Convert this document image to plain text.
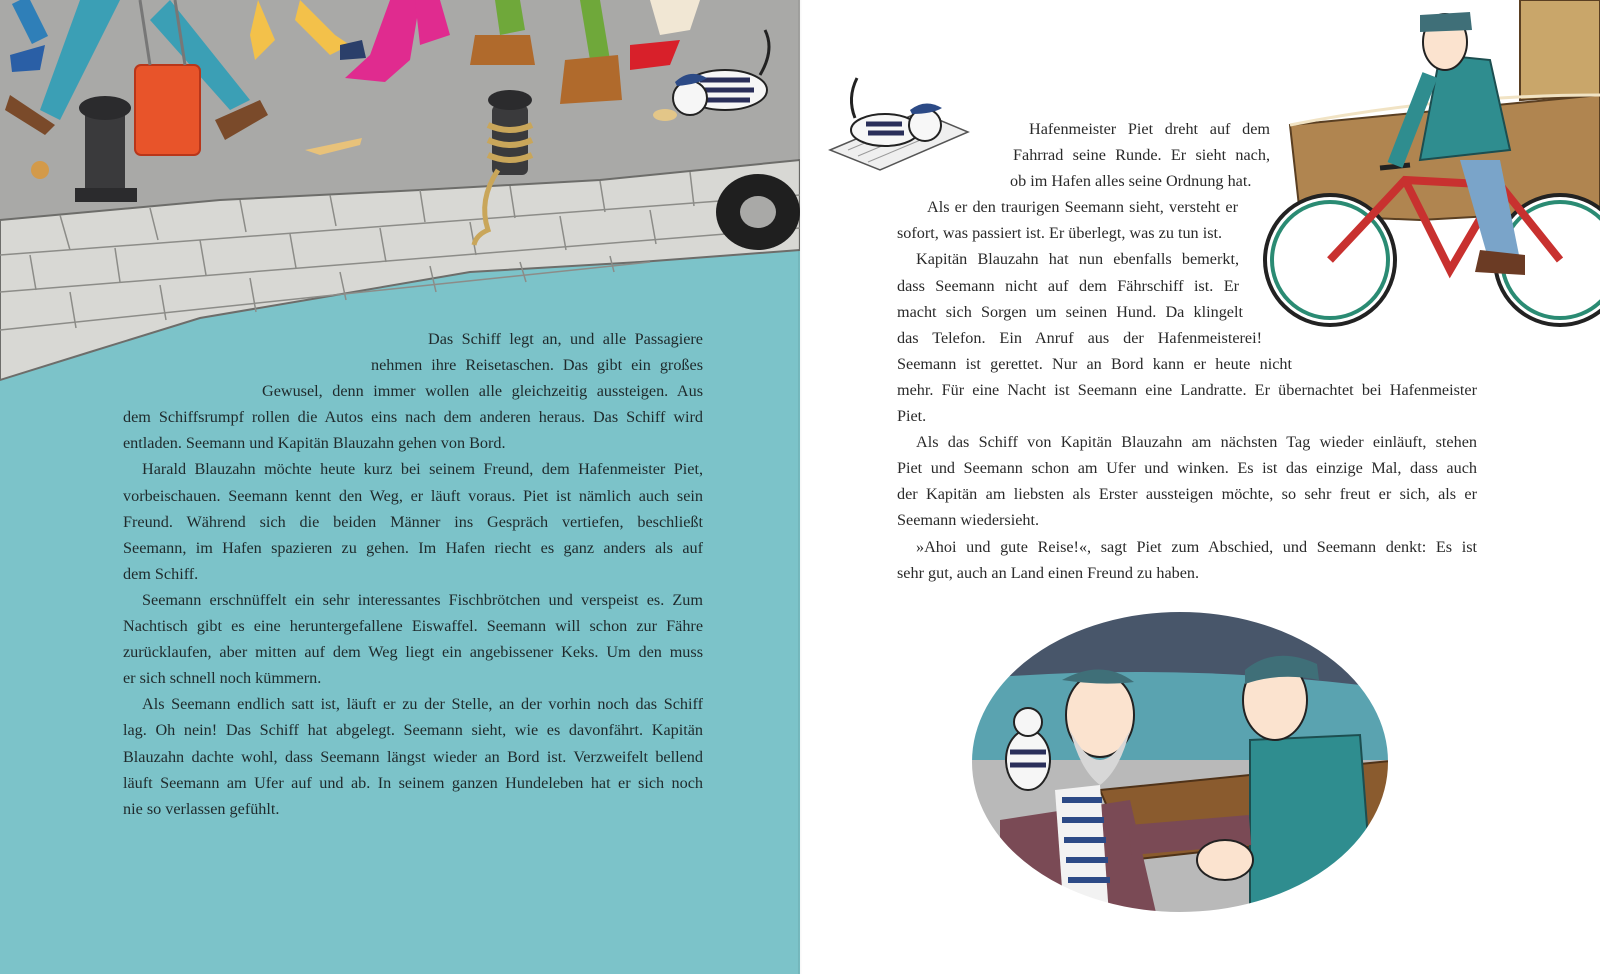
Das Schiff legt an, und alle Passagiere
nehmen ihre Reisetaschen. Das gibt ein großes
Gewusel, denn immer wollen alle gleichzeitig aussteigen. Aus
dem Schiffsrumpf rollen die Autos eins nach dem anderen heraus. Das Schiff wird
entladen. Seemann und Kapitän Blauzahn gehen von Bord.

Harald Blauzahn möchte heute kurz bei seinem Freund, dem Hafenmeister Piet,
vorbeischauen. Seemann kennt den Weg, er läuft voraus. Piet ist nämlich auch sein
Freund. Während sich die beiden Männer ins Gespräch vertiefen, beschließt
Seemann, im Hafen spazieren zu gehen. Im Hafen riecht es ganz anders als auf
dem Schiff.

Seemann erschnüffelt ein sehr interessantes Fischbrötchen und verspeist es. Zum
Nachtisch gibt es eine heruntergefallene Eiswaffel. Seemann will schon zur Fähre
zurücklaufen, aber mitten auf dem Weg liegt ein angebissener Keks. Um den muss
er sich schnell noch kümmern.

Als Seemann endlich satt ist, läuft er zu der Stelle, an der vorhin noch das Schiff
lag. Oh nein! Das Schiff hat abgelegt. Seemann sieht, wie es davonfährt. Kapitän
Blauzahn dachte wohl, dass Seemann längst wieder an Bord ist. Verzweifelt bellend
läuft Seemann am Ufer auf und ab. In seinem ganzen Hundeleben hat er sich noch
nie so verlassen gefühlt.

Hafenmeister Piet dreht auf dem
Fahrrad seine Runde. Er sieht nach,
ob im Hafen alles seine Ordnung hat.

Als er den traurigen Seemann sieht, versteht er
sofort, was passiert ist. Er überlegt, was zu tun ist.

Kapitän Blauzahn hat nun ebenfalls bemerkt,
dass Seemann nicht auf dem Fährschiff ist. Er
macht sich Sorgen um seinen Hund. Da klingelt
das Telefon. Ein Anruf aus der Hafenmeisterei!
Seemann ist gerettet. Nur an Bord kann er heute nicht
mehr. Für eine Nacht ist Seemann eine Landratte. Er übernachtet bei Hafenmeister
Piet.

Als das Schiff von Kapitän Blauzahn am nächsten Tag wieder einläuft, stehen
Piet und Seemann schon am Ufer und winken. Es ist das einzige Mal, dass auch
der Kapitän am liebsten als Erster aussteigen möchte, so sehr freut er sich, als er
Seemann wiedersieht.

»Ahoi und gute Reise!«, sagt Piet zum Abschied, und Seemann denkt: Es ist
sehr gut, auch an Land einen Freund zu haben.
